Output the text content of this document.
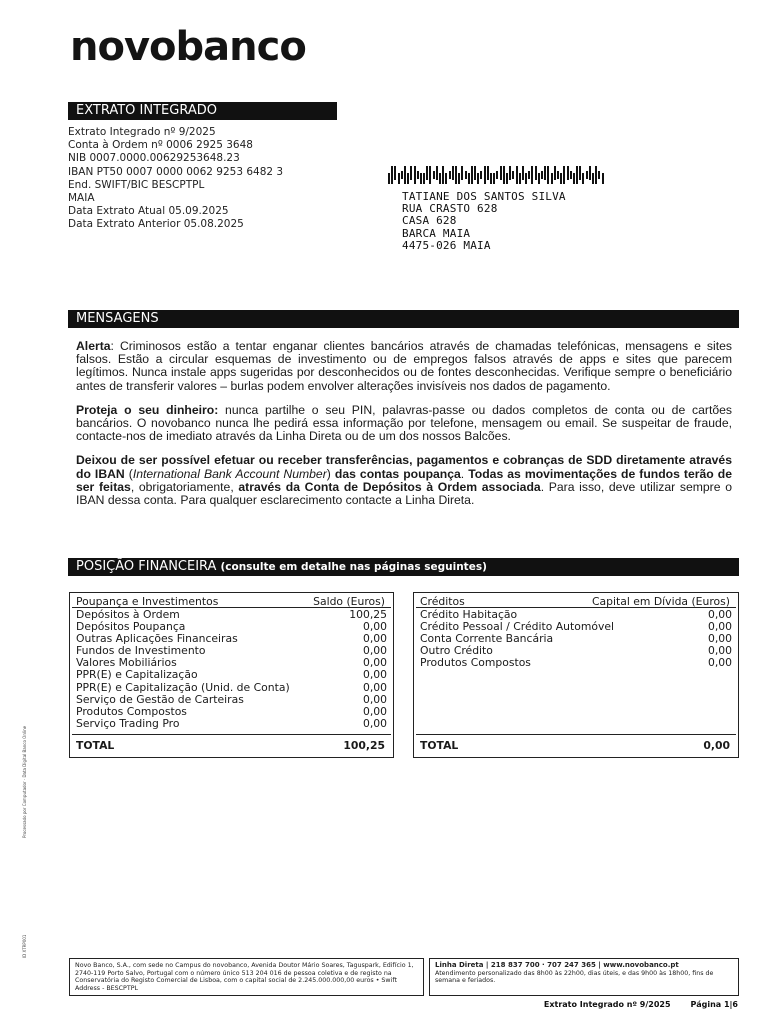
novobanco
EXTRATO INTEGRADO
Extrato Integrado nº 9/2025
Conta à Ordem nº 0006 2925 3648
NIB 0007.0000.00629253648.23
IBAN PT50 0007 0000 0062 9253 6482 3
End. SWIFT/BIC BESCPTPL
MAIA
Data Extrato Atual 05.09.2025
Data Extrato Anterior 05.08.2025
TATIANE DOS SANTOS SILVA
RUA CRASTO 628
CASA 628
BARCA MAIA
4475-026 MAIA
MENSAGENS

Alerta: Criminosos estão a tentar enganar clientes bancários através de chamadas telefónicas, mensagens e sites falsos. Estão a circular esquemas de investimento ou de empregos falsos através de apps e sites que parecem legítimos. Nunca instale apps sugeridas por desconhecidos ou de fontes desconhecidas. Verifique sempre o beneficiário antes de transferir valores – burlas podem envolver alterações invisíveis nos dados de pagamento.

Proteja o seu dinheiro: nunca partilhe o seu PIN, palavras-passe ou dados completos de conta ou de cartões bancários. O novobanco nunca lhe pedirá essa informação por telefone, mensagem ou email. Se suspeitar de fraude, contacte-nos de imediato através da Linha Direta ou de um dos nossos Balcões.

Deixou de ser possível efetuar ou receber transferências, pagamentos e cobranças de SDD diretamente através do IBAN (International Bank Account Number) das contas poupança. Todas as movimentações de fundos terão de ser feitas, obrigatoriamente, através da Conta de Depósitos à Ordem associada. Para isso, deve utilizar sempre o IBAN dessa conta. Para qualquer esclarecimento contacte a Linha Direta.

POSIÇÃO FINANCEIRA (consulte em detalhe nas páginas seguintes)
Poupança e Investimentos	Saldo (Euros)
Depósitos à Ordem	100,25
Depósitos Poupança	0,00
Outras Aplicações Financeiras	0,00
Fundos de Investimento	0,00
Valores Mobiliários	0,00
PPR(E) e Capitalização	0,00
PPR(E) e Capitalização (Unid. de Conta)	0,00
Serviço de Gestão de Carteiras	0,00
Produtos Compostos	0,00
Serviço Trading Pro	0,00
TOTAL	100,25
Créditos	Capital em Dívida (Euros)
Crédito Habitação	0,00
Crédito Pessoal / Crédito Automóvel	0,00
Conta Corrente Bancária	0,00
Outro Crédito	0,00
Produtos Compostos	0,00
TOTAL	0,00
Processado por Computador · Data Digital Banco Online
ID XTRP001
Novo Banco, S.A., com sede no Campus do novobanco, Avenida Doutor Mário Soares, Taguspark, Edifício 1, 2740-119 Porto Salvo, Portugal com o número único 513 204 016 de pessoa coletiva e de registo na Conservatória do Registo Comercial de Lisboa, com o capital social de 2.245.000.000,00 euros • Swift Address - BESCPTPL
Linha Direta | 218 837 700 · 707 247 365 | www.novobanco.pt
Atendimento personalizado das 8h00 às 22h00, dias úteis, e das 9h00 às 18h00, fins de semana e feriados.
Extrato Integrado nº 9/2025	Página 1|6
